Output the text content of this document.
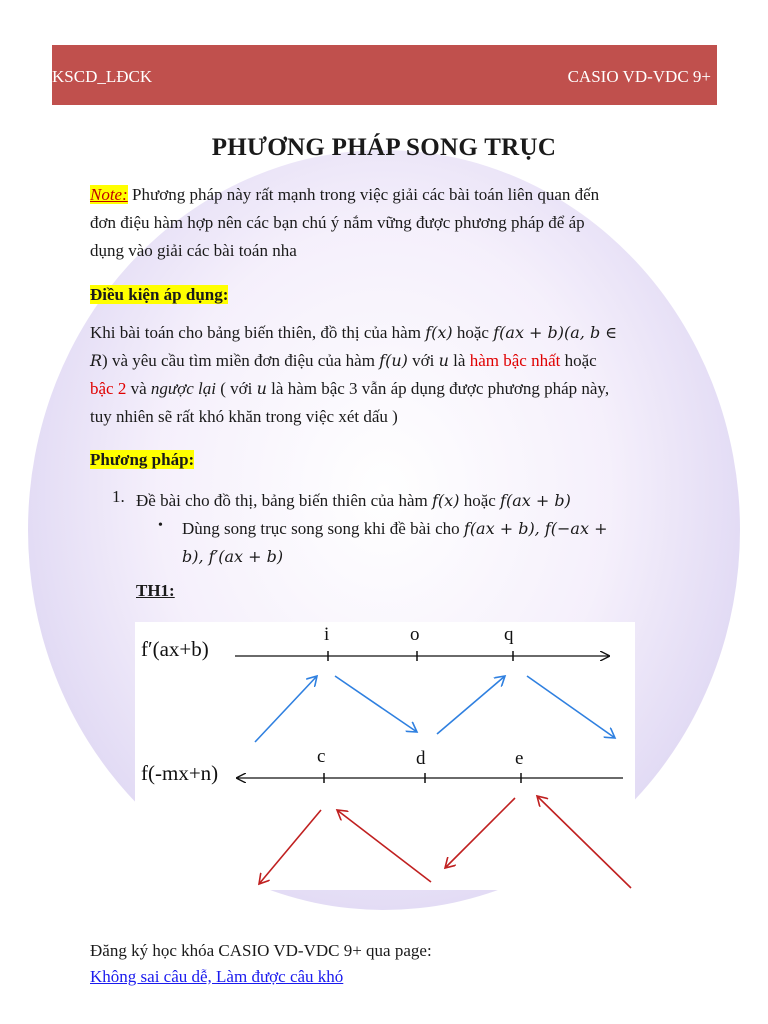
KSCD_LĐCK	CASIO VD-VDC 9+
PHƯƠNG PHÁP SONG TRỤC
Note: Phương pháp này rất mạnh trong việc giải các bài toán liên quan đến
đơn điệu hàm hợp nên các bạn chú ý nắm vững được phương pháp để áp
dụng vào giải các bài toán nha
Điều kiện áp dụng:
Khi bài toán cho bảng biến thiên, đồ thị của hàm f(x) hoặc f(ax + b)(a, b ∈
R) và yêu cầu tìm miền đơn điệu của hàm f(u) với u là hàm bậc nhất hoặc
bậc 2 và ngược lại ( với u là hàm bậc 3 vẫn áp dụng được phương pháp này,
tuy nhiên sẽ rất khó khăn trong việc xét dấu )
Phương pháp:
1. Đề bài cho đồ thị, bảng biến thiên của hàm f(x) hoặc f(ax + b)
• Dùng song trục song song khi đề bài cho f(ax + b), f(−ax +
b), f′(ax + b)
TH1:
f′(ax+b)
i	o	q
f(-mx+n)
c	d	e
Đăng ký học khóa CASIO VD-VDC 9+ qua page:
Không sai câu dễ, Làm được câu khó
